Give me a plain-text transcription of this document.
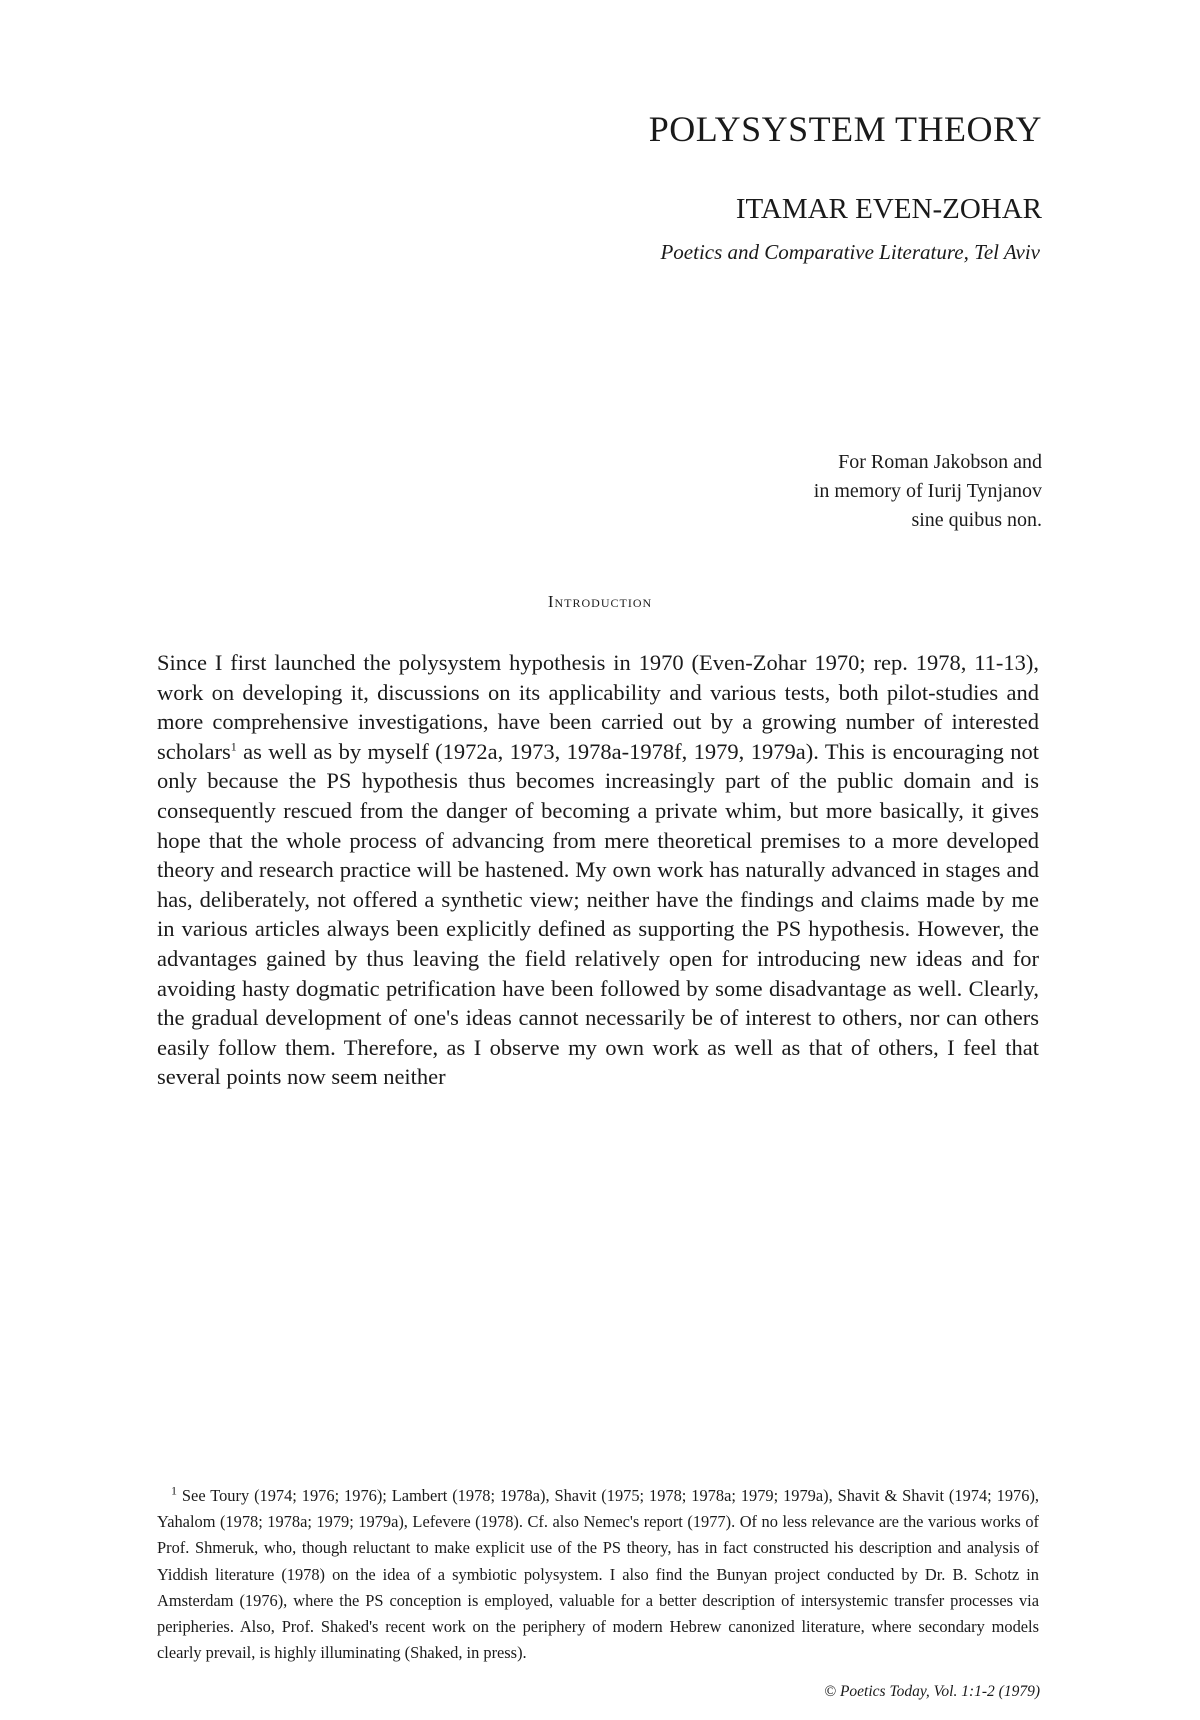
POLYSYSTEM THEORY
ITAMAR EVEN-ZOHAR
Poetics and Comparative Literature, Tel Aviv
For Roman Jakobson and
in memory of Iurij Tynjanov
sine quibus non.
Introduction

Since I first launched the polysystem hypothesis in 1970 (Even-Zohar 1970; rep. 1978, 11-13), work on developing it, discussions on its applicability and various tests, both pilot-studies and more comprehensive investigations, have been carried out by a growing number of interested scholars$^1$ as well as by myself (1972a, 1973, 1978a-1978f, 1979, 1979a). This is encouraging not only because the PS hypothesis thus becomes increasingly part of the public domain and is consequently rescued from the danger of becoming a private whim, but more basically, it gives hope that the whole process of advancing from mere theoretical premises to a more developed theory and research practice will be hastened. My own work has naturally advanced in stages and has, deliberately, not offered a synthetic view; neither have the findings and claims made by me in various articles always been explicitly defined as supporting the PS hypothesis. However, the advantages gained by thus leaving the field relatively open for introducing new ideas and for avoiding hasty dogmatic petrification have been followed by some disadvantage as well. Clearly, the gradual development of one's ideas cannot necessarily be of interest to others, nor can others easily follow them. Therefore, as I observe my own work as well as that of others, I feel that several points now seem neither

$^1$ See Toury (1974; 1976; 1976); Lambert (1978; 1978a), Shavit (1975; 1978; 1978a; 1979; 1979a), Shavit & Shavit (1974; 1976), Yahalom (1978; 1978a; 1979; 1979a), Lefevere (1978). Cf. also Nemec's report (1977). Of no less relevance are the various works of Prof. Shmeruk, who, though reluctant to make explicit use of the PS theory, has in fact constructed his description and analysis of Yiddish literature (1978) on the idea of a symbiotic polysystem. I also find the Bunyan project conducted by Dr. B. Schotz in Amsterdam (1976), where the PS conception is employed, valuable for a better description of intersystemic transfer processes via peripheries. Also, Prof. Shaked's recent work on the periphery of modern Hebrew canonized literature, where secondary models clearly prevail, is highly illuminating (Shaked, in press).

© Poetics Today, Vol. 1:1-2 (1979)
